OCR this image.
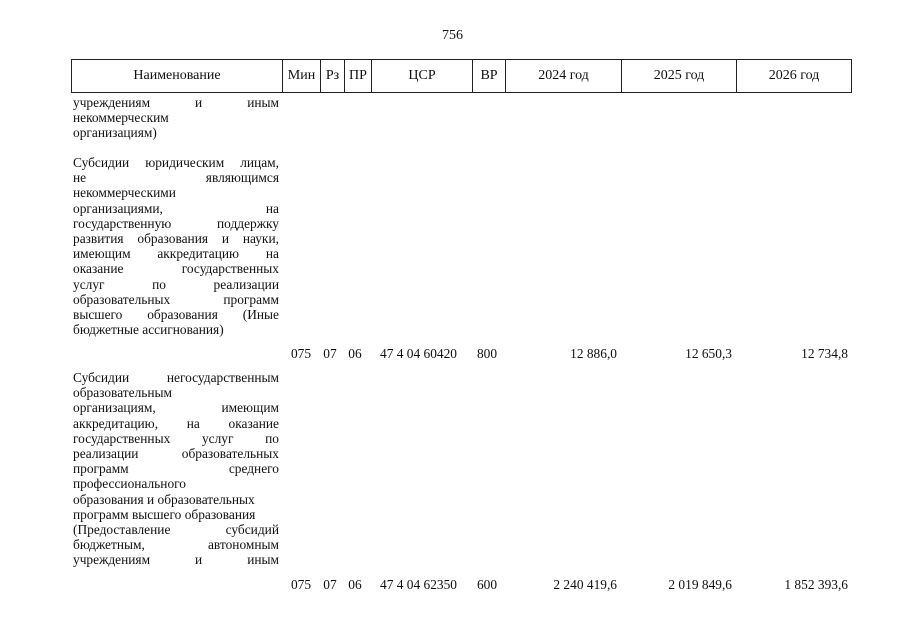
756
Наименование	Мин Рз ПР	ЦСР	ВР	2024 год	2025 год	2026 год
учреждениям	и	иным
некоммерческим
организациям)
Субсидии юридическим лицам,
не	являющимся
некоммерческими
организациями,	на
государственную	поддержку
развития образования и науки,
имеющим аккредитацию на
оказание	государственных
услуг	по	реализации
образовательных	программ
высшего образования (Иные
бюджетные ассигнования)
075 07 06	47 4 04 60420	800	12 886,0	12 650,3	12 734,8
Субсидии	негосударственным
образовательным
организациям,	имеющим
аккредитацию, на оказание
государственных услуг по
реализации	образовательных
программ	среднего
профессионального
образования и образовательных
программ высшего образования
(Предоставление	субсидий
бюджетным,	автономным
учреждениям	и	иным
075 07 06	47 4 04 62350	600	2 240 419,6	2 019 849,6	1 852 393,6
